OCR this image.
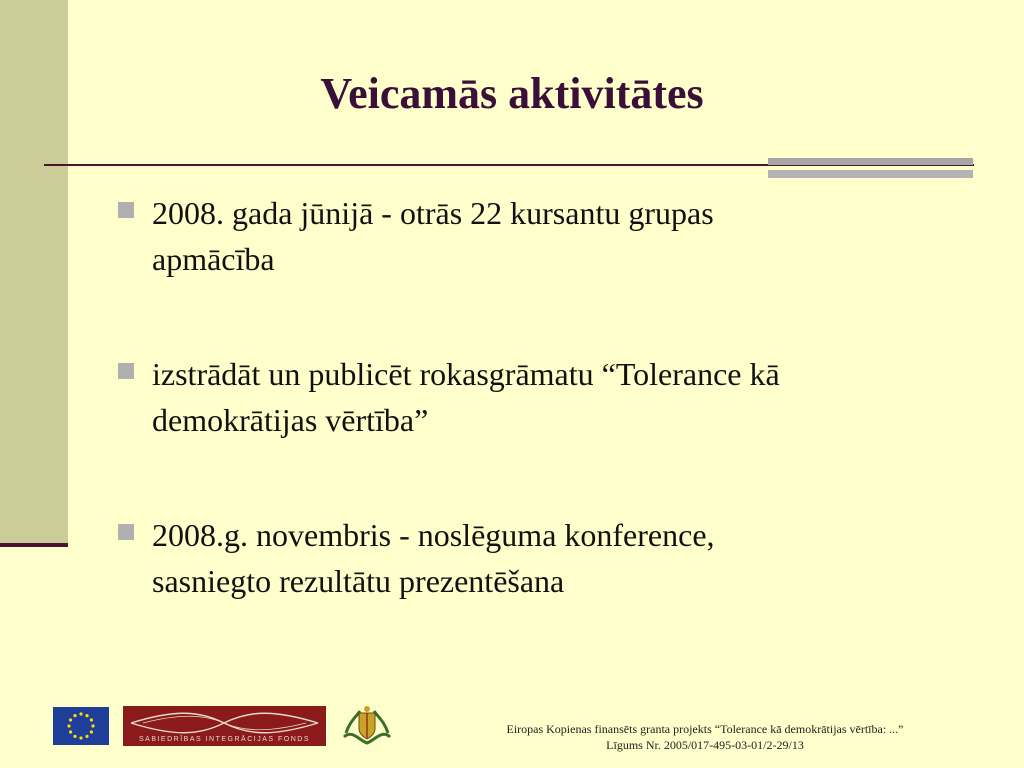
Veicamās aktivitātes
2008. gada jūnijā - otrās 22 kursantu grupas
apmācība
izstrādāt un publicēt rokasgrāmatu “Tolerance kā
demokrātijas vērtība”
2008.g. novembris - noslēguma konference,
sasniegto rezultātu prezentēšana
SABIEDRĪBAS INTEGRĀCIJAS FONDS
Eiropas Kopienas finansēts granta projekts “Tolerance kā demokrātijas vērtība: ...”
Līgums Nr. 2005/017-495-03-01/2-29/13
